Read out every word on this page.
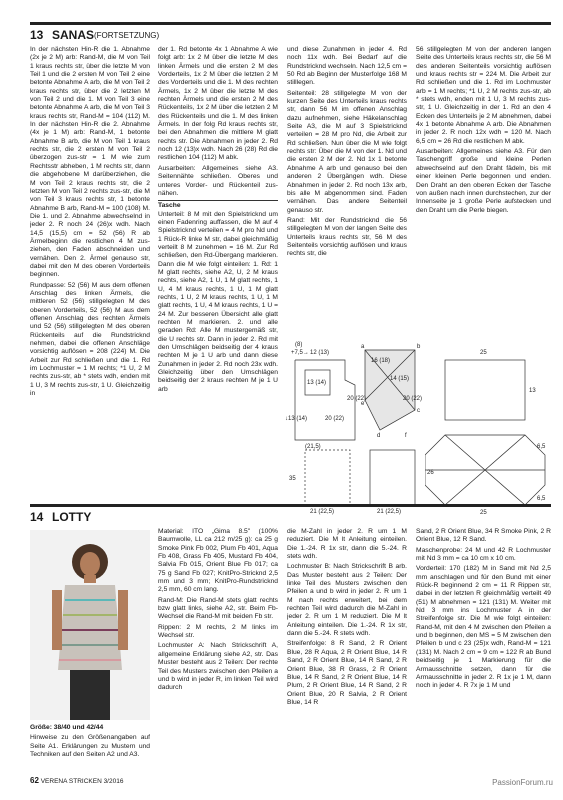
13 SANAS (FORTSETZUNG)

In der nächsten Hin-R die 1. Abnahme (2x je 2 M) arb: Rand-M, die M von Teil 1 kraus rechts str, über die letzte M von Teil 1 und die 2 ersten M von Teil 2 eine betonte Abnahme A arb, die M von Teil 2 kraus rechts str, über die 2 letzten M von Teil 2 und die 1. M von Teil 3 eine betonte Abnahme A arb, die M von Teil 3 kraus rechts str, Rand-M = 104 (112) M. In der nächsten Hin-R die 2. Abnahme (4x je 1 M) arb: Rand-M, 1 betonte Abnahme B arb, die M von Teil 1 kraus rechts str, die 2 ersten M von Teil 2 überzogen zus-str = 1 M wie zum Rechtsstr abheben, 1 M rechts str, dann die abgehobene M darüberziehen, die M von Teil 2 kraus rechts str, die 2 letzten M von Teil 2 rechts zus-str, die M von Teil 3 kraus rechts str, 1 betonte Abnahme B arb, Rand-M = 100 (108) M. Die 1. und 2. Abnahme abwechselnd in jeder 2. R noch 24 (26)x wdh. Nach 14,5 (15,5) cm = 52 (56) R ab Ärmelbeginn die restlichen 4 M zus-ziehen, den Faden abschneiden und vernähen. Den 2. Ärmel genauso str, dabei mit den M des oberen Vorderteils beginnen.

Rundpasse: 52 (56) M aus dem offenen Anschlag des linken Ärmels, die mittleren 52 (56) stillgelegten M des oberen Vorderteils, 52 (56) M aus dem offenen Anschlag des rechten Ärmels und 52 (56) stillgelegten M des oberen Rückenteils auf die Rundstricknd nehmen, dabei die offenen Anschläge vorsichtig auflösen = 208 (224) M. Die Arbeit zur Rd schließen und die 1. Rd im Lochmuster = 1 M rechts; *1 U, 2 M rechts zus-str, ab * stets wdh, enden mit 1 U, 3 M rechts zus-str, 1 U. Gleichzeitig in

der 1. Rd betonte 4x 1 Abnahme A wie folgt arb: 1x 2 M über die letzte M des linken Ärmels und die ersten 2 M des Vorderteils, 1x 2 M über die letzten 2 M des Vorderteils und die 1. M des rechten Ärmels, 1x 2 M über die letzte M des rechten Ärmels und die ersten 2 M des Rückenteils, 1x 2 M über die letzten 2 M des Rückenteils und die 1. M des linken Ärmels. In der folg Rd kraus rechts str, bei den Abnahmen die mittlere M glatt rechts str. Die Abnahmen in jeder 2. Rd noch 12 (13)x wdh. Nach 26 (28) Rd die restlichen 104 (112) M abk.

Ausarbeiten: Allgemeines siehe A3. Seitennähte schließen. Oberes und unteres Vorder- und Rückenteil zus-nähen.

Tasche

Unterteil: 8 M mit den Spielstricknd um einen Fadenring auffassen, die M auf 4 Spielstricknd verteilen = 4 M pro Nd und 1 Rück-R linke M str, dabei gleichmäßig verteilt 8 M zunehmen = 16 M. Zur Rd schließen, den Rd-Übergang markieren. Dann die M wie folgt einteilen: 1. Rd: 1 M glatt rechts, siehe A2, U, 2 M kraus rechts, siehe A2, 1 U, 1 M glatt rechts, 1 U, 4 M kraus rechts, 1 U, 1 M glatt rechts, 1 U, 2 M kraus rechts, 1 U, 1 M glatt rechts, 1 U, 4 M kraus rechts, 1 U = 24 M. Zur besseren Übersicht alle glatt rechten M markieren. 2. und alle geraden Rd: Alle M mustergemäß str, die U rechts str. Dann in jeder 2. Rd mit den Umschlägen beidseitig der 4 kraus rechten M je 1 U arb und dann diese Zunahmen in jeder 2. Rd noch 23x wdh. Gleichzeitig über den Umschlägen beidseitig der 2 kraus rechten M je 1 U arb

und diese Zunahmen in jeder 4. Rd noch 11x wdh. Bei Bedarf auf die Rundstricknd wechseln. Nach 12,5 cm = 50 Rd ab Beginn der Musterfolge 168 M stilllegen.

Seitenteil: 28 stillgelegte M von der kurzen Seite des Unterteils kraus rechts str, dann 56 M im offenen Anschlag dazu aufnehmen, siehe Häkelanschlag Seite A3, die M auf 3 Spielstricknd verteilen = 28 M pro Nd, die Arbeit zur Rd schließen. Nun über die M wie folgt rechts str: Über die M von der 1. Nd und die ersten 2 M der 2. Nd 1x 1 betonte Abnahme A arb und genauso bei den anderen 2 Übergängen wdh. Diese Abnahmen in jeder 2. Rd noch 13x arb, bis alle M abgenommen sind. Faden vernähen. Das andere Seitenteil genauso str.

Rand: Mit der Rundstricknd die 56 stillgelegten M von der langen Seite des Unterteils kraus rechts str, 56 M des Seitenteils vorsichtig auflösen und kraus rechts str, die

56 stillgelegten M von der anderen langen Seite des Unterteils kraus rechts str, die 56 M des anderen Seitenteils vorsichtig auflösen und kraus rechts str = 224 M. Die Arbeit zur Rd schließen und die 1. Rd im Lochmuster arb = 1 M rechts; *1 U, 2 M rechts zus-str, ab * stets wdh, enden mit 1 U, 3 M rechts zus-str, 1 U. Gleichzeitig in der 1. Rd an den 4 Ecken des Unterteils je 2 M abnehmen, dabei 4x 1 betonte Abnahme A arb. Die Abnahmen in jeder 2. R noch 12x wdh = 120 M. Nach 6,5 cm = 26 Rd die restlichen M abk.

Ausarbeiten: Allgemeines siehe A3. Für den Taschengriff große und kleine Perlen abwechselnd auf den Draht fädeln, bis mit einer kleinen Perle begonnen und enden. Den Draht an den oberen Ecken der Tasche von außen nach innen durchstechen, zur der Innenseite je 1 große Perle aufstecken und den Draht um die Perle biegen.

(8)
+7,5→ 12 (13)
13 (14)
20 (22)
16 (18)
14 (15)
20 (22)
a	b
c
d
e
f
↓13 (14)	20 (22)
(21,5)
35
21 (22,5)	21 (22,5)
25
13
6,5
26
6,5
25
14 LOTTY

Größe: 38/40 und 42/44

Hinweise zu den Größenangaben auf Seite A1. Erklärungen zu Mustern und Techniken auf den Seiten A2 und A3.

Material: ITO „Gima 8.5" (100% Baumwolle, LL ca 212 m/25 g): ca 25 g Smoke Pink Fb 002, Plum Fb 401, Aqua Fb 408, Grass Fb 405, Mustard Fb 404, Salvia Fb 015, Orient Blue Fb 017; ca 75 g Sand Fb 027; KnitPro-Stricknd 2,5 mm und 3 mm; KnitPro-Rundstricknd 2,5 mm, 60 cm lang.

Rand-M: Die Rand-M stets glatt rechts bzw glatt links, siehe A2, str. Beim Fb-Wechsel die Rand-M mit beiden Fb str.

Rippen: 2 M rechts, 2 M links im Wechsel str.

Lochmuster A: Nach Strickschrift A, allgemeine Erklärung siehe A2, str. Das Muster besteht aus 2 Teilen: Der rechte Teil des Musters zwischen den Pfeilen a und b wird in jeder R, im linken Teil wird dadurch

die M-Zahl in jeder 2. R um 1 M reduziert. Die M lt Anleitung einteilen. Die 1.-24. R 1x str, dann die 5.-24. R stets wdh.

Lochmuster B: Nach Strickschrift B arb. Das Muster besteht aus 2 Teilen: Der linke Teil des Musters zwischen den Pfeilen a und b wird in jeder 2. R um 1 M nach rechts erweitert, bei dem rechten Teil wird dadurch die M-Zahl in jeder 2. R um 1 M reduziert. Die M lt Anleitung einteilen. Die 1.-24. R 1x str, dann die 5.-24. R stets wdh.

Streifenfolge: 8 R Sand, 2 R Orient Blue, 28 R Aqua, 2 R Orient Blue, 14 R Sand, 2 R Orient Blue, 14 R Sand, 2 R Orient Blue, 38 R Grass, 2 R Orient Blue, 14 R Sand, 2 R Orient Blue, 14 R Plum, 2 R Orient Blue, 14 R Sand, 2 R Orient Blue, 20 R Salvia, 2 R Orient Blue, 14 R

Sand, 2 R Orient Blue, 34 R Smoke Pink, 2 R Orient Blue, 12 R Sand.

Maschenprobe: 24 M und 42 R Lochmuster mit Nd 3 mm = ca 10 cm x 10 cm.

Vorderteil: 170 (182) M in Sand mit Nd 2,5 mm anschlagen und für den Bund mit einer Rück-R beginnend 2 cm = 11 R Rippen str, dabei in der letzten R gleichmäßig verteilt 49 (51) M abnehmen = 121 (131) M. Weiter mit Nd 3 mm ins Lochmuster A in der Streifenfolge str. Die M wie folgt einteilen: Rand-M, mit den 4 M zwischen den Pfeilen a und b beginnen, den MS = 5 M zwischen den Pfeilen b und c 23 (25)x wdh, Rand-M = 121 (131) M. Nach 2 cm = 9 cm = 122 R ab Bund beidseitig je 1 Markierung für die Armausschnitte setzen, dann für die Armausschnitte in jeder 2. R 1x je 1 M, dann noch in jeder 4. R 7x je 1 M und

62 VERENA STRICKEN 3/2016	PassionForum.ru
